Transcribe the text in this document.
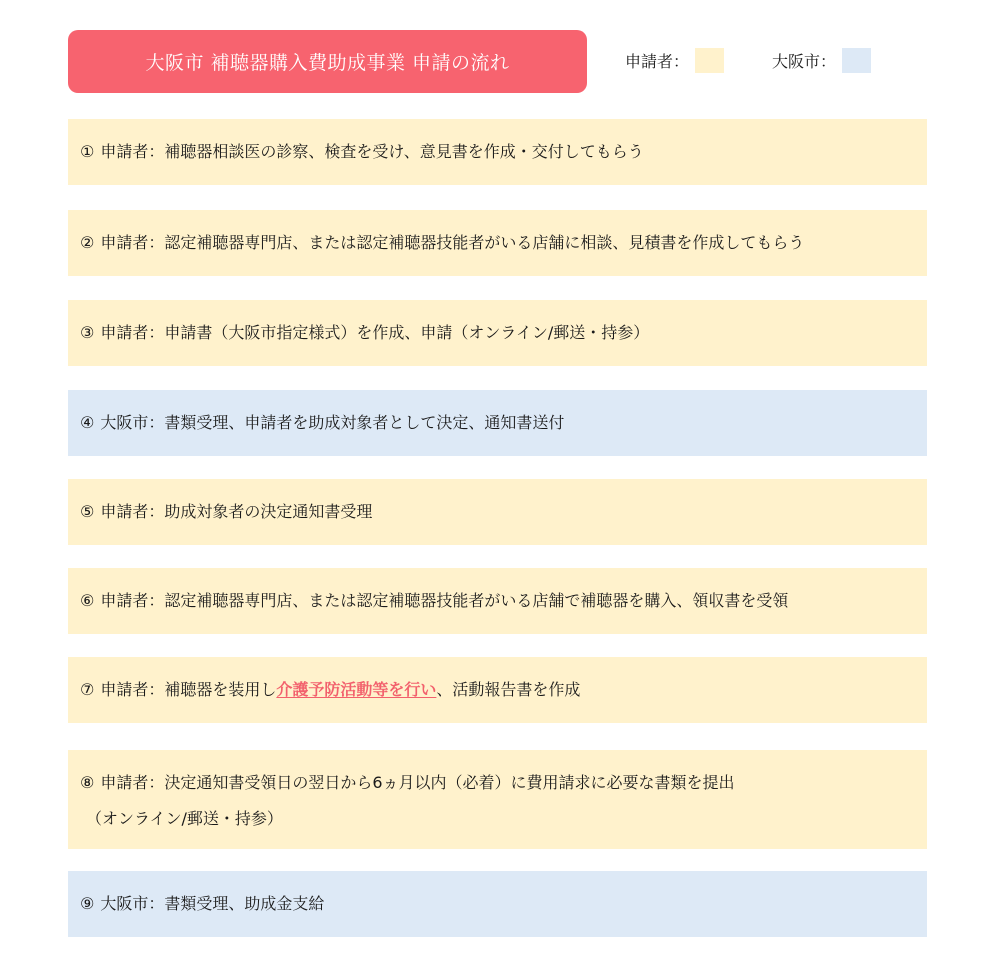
大阪市 補聴器購入費助成事業 申請の流れ	申請者：	大阪市：
① 申請者： 補聴器相談医の診察、検査を受け、意見書を作成・交付してもらう
② 申請者： 認定補聴器専門店、または認定補聴器技能者がいる店舗に相談、見積書を作成してもらう
③ 申請者： 申請書（大阪市指定様式）を作成、申請（オンライン/郵送・持参）
④ 大阪市： 書類受理、申請者を助成対象者として決定、通知書送付
⑤ 申請者： 助成対象者の決定通知書受理
⑥ 申請者： 認定補聴器専門店、または認定補聴器技能者がいる店舗で補聴器を購入、領収書を受領
⑦ 申請者： 補聴器を装用し 介護予防活動等を行い 、活動報告書を作成
⑧ 申請者：決定通知書受領日の翌日から6ヵ月以内（必着）に費用請求に必要な書類を提出
（オンライン/郵送・持参）
⑨ 大阪市： 書類受理、助成金支給
